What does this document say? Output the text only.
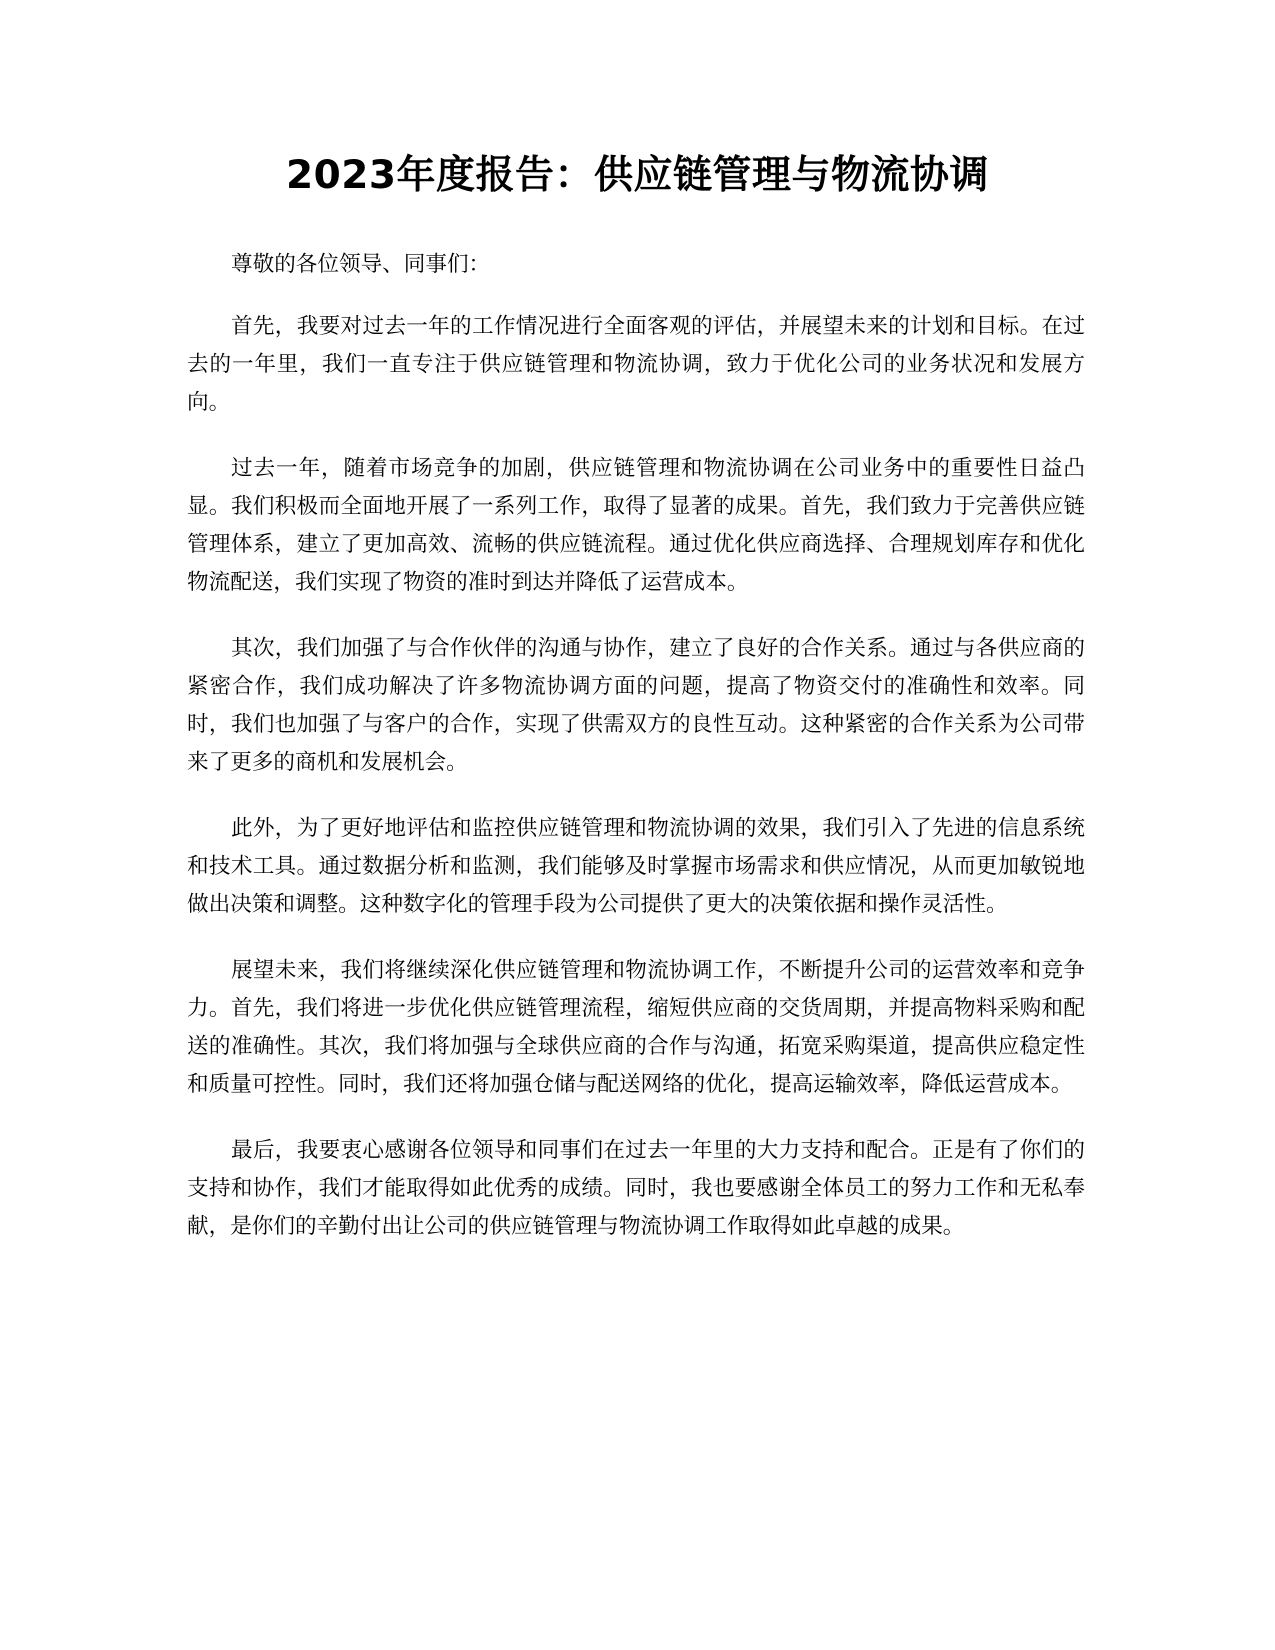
2023年度报告：供应链管理与物流协调

尊敬的各位领导、同事们：

首先，我要对过去一年的工作情况进行全面客观的评估，并展望未来的计划和目标。在过去的一年里，我们一直专注于供应链管理和物流协调，致力于优化公司的业务状况和发展方向。

过去一年，随着市场竞争的加剧，供应链管理和物流协调在公司业务中的重要性日益凸显。我们积极而全面地开展了一系列工作，取得了显著的成果。首先，我们致力于完善供应链管理体系，建立了更加高效、流畅的供应链流程。通过优化供应商选择、合理规划库存和优化物流配送，我们实现了物资的准时到达并降低了运营成本。

其次，我们加强了与合作伙伴的沟通与协作，建立了良好的合作关系。通过与各供应商的紧密合作，我们成功解决了许多物流协调方面的问题，提高了物资交付的准确性和效率。同时，我们也加强了与客户的合作，实现了供需双方的良性互动。这种紧密的合作关系为公司带来了更多的商机和发展机会。

此外，为了更好地评估和监控供应链管理和物流协调的效果，我们引入了先进的信息系统和技术工具。通过数据分析和监测，我们能够及时掌握市场需求和供应情况，从而更加敏锐地做出决策和调整。这种数字化的管理手段为公司提供了更大的决策依据和操作灵活性。

展望未来，我们将继续深化供应链管理和物流协调工作，不断提升公司的运营效率和竞争力。首先，我们将进一步优化供应链管理流程，缩短供应商的交货周期，并提高物料采购和配送的准确性。其次，我们将加强与全球供应商的合作与沟通，拓宽采购渠道，提高供应稳定性和质量可控性。同时，我们还将加强仓储与配送网络的优化，提高运输效率，降低运营成本。

最后，我要衷心感谢各位领导和同事们在过去一年里的大力支持和配合。正是有了你们的支持和协作，我们才能取得如此优秀的成绩。同时，我也要感谢全体员工的努力工作和无私奉献，是你们的辛勤付出让公司的供应链管理与物流协调工作取得如此卓越的成果。
